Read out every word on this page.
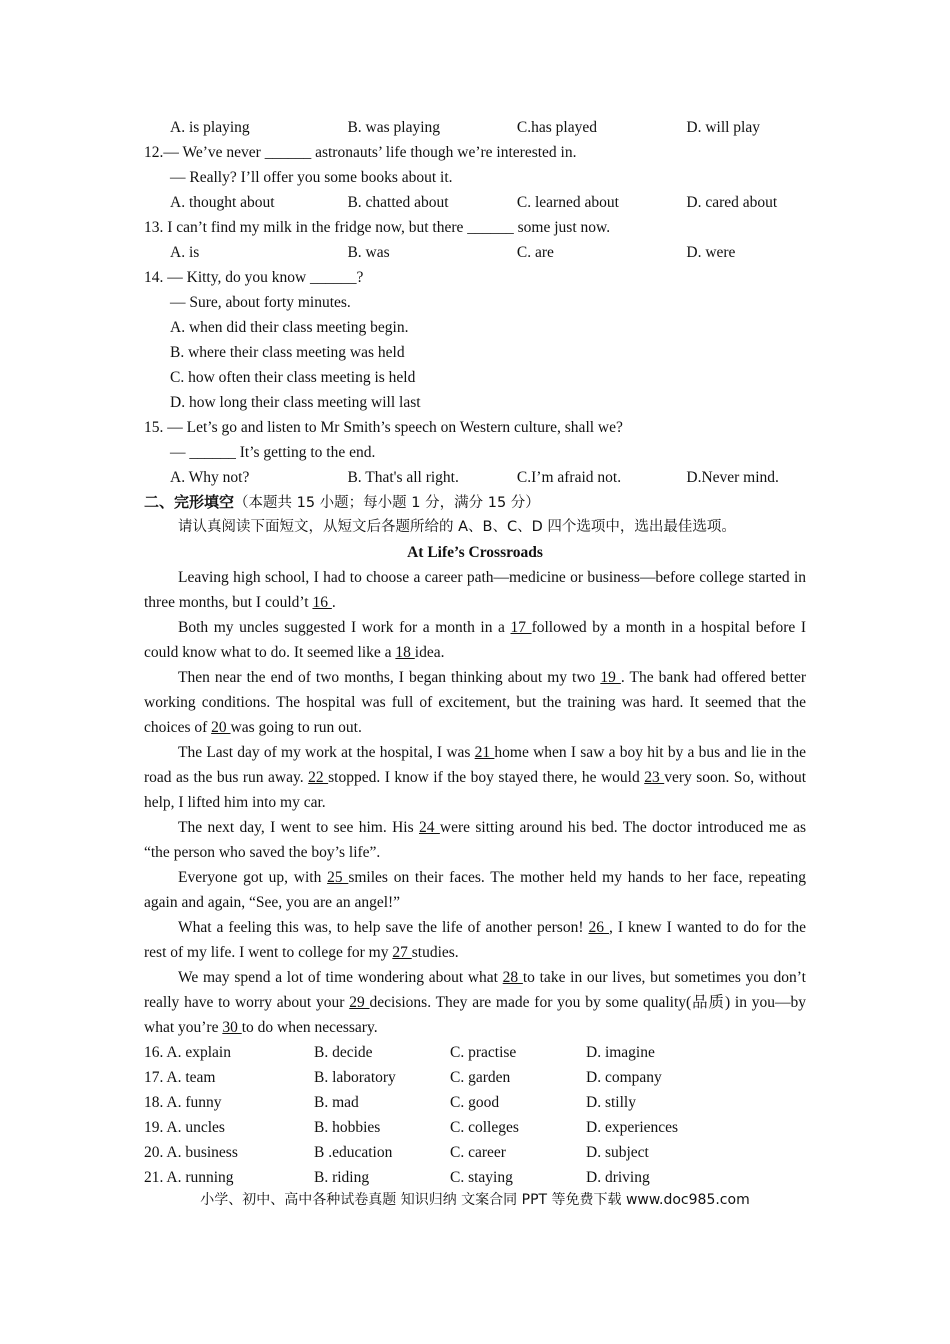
A. is playing	B. was playing	C.has played	D. will play
12.— We’ve never ______ astronauts’ life though we’re interested in.
— Really? I’ll offer you some books about it.
A. thought about	B. chatted about	C. learned about	D. cared about
13. I can’t find my milk in the fridge now, but there ______ some just now.
A. is	B. was	C. are	D. were
14. — Kitty, do you know ______?
— Sure, about forty minutes.
A. when did their class meeting begin.
B. where their class meeting was held
C. how often their class meeting is held
D. how long their class meeting will last
15. — Let’s go and listen to Mr Smith’s speech on Western culture, shall we?
— ______ It’s getting to the end.
A. Why not?	B. That's all right.	C.I’m afraid not.	D.Never mind.
二、完形填空（本题共 15 小题；每小题 1 分，满分 15 分）
请认真阅读下面短文，从短文后各题所给的 A、B、C、D 四个选项中，选出最佳选项。
At Life’s Crossroads
Leaving high school, I had to choose a career path—medicine or business—before college started in three months, but I could’t 16 .
Both my uncles suggested I work for a month in a 17 followed by a month in a hospital before I could know what to do. It seemed like a 18 idea.
Then near the end of two months, I began thinking about my two 19 . The bank had offered better working conditions. The hospital was full of excitement, but the training was hard. It seemed that the choices of 20 was going to run out.
The Last day of my work at the hospital, I was 21 home when I saw a boy hit by a bus and lie in the road as the bus run away. 22 stopped. I know if the boy stayed there, he would 23 very soon. So, without help, I lifted him into my car.
The next day, I went to see him. His 24 were sitting around his bed. The doctor introduced me as “the person who saved the boy’s life”.
Everyone got up, with 25 smiles on their faces. The mother held my hands to her face, repeating again and again, “See, you are an angel!”
What a feeling this was, to help save the life of another person! 26 , I knew I wanted to do for the rest of my life. I went to college for my 27 studies.
We may spend a lot of time wondering about what 28 to take in our lives, but sometimes you don’t really have to worry about your 29 decisions. They are made for you by some quality(品质) in you—by what you’re 30 to do when necessary.
16. A. explain	B. decide	C. practise	D. imagine
17. A. team	B. laboratory	C. garden	D. company
18. A. funny	B. mad	C. good	D. stilly
19. A. uncles	B. hobbies	C. colleges	D. experiences
20. A. business	B .education	C. career	D. subject
21. A. running	B. riding	C. staying	D. driving
小学、初中、高中各种试卷真题 知识归纳 文案合同 PPT 等免费下载 www.doc985.com
